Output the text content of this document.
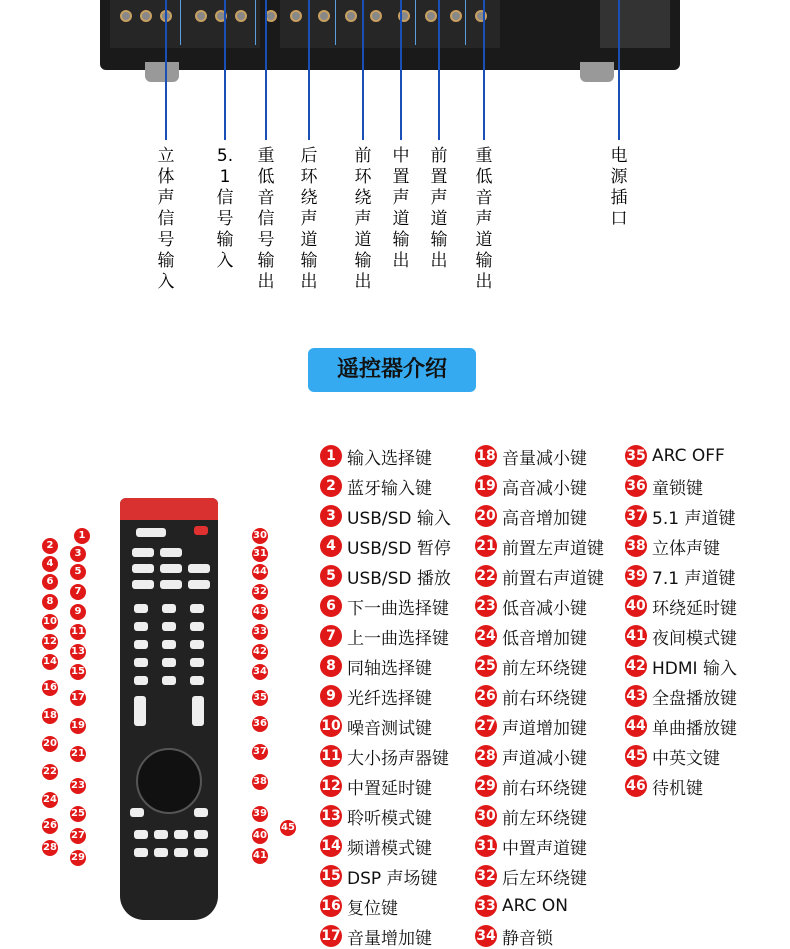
立体声信号输入
5.1信号输入
重低音信号输出
后环绕声道输出
前环绕声道输出
中置声道输出
前置声道输出
重低音声道输出
电源插口
遥控器介绍
1
2
3
4
5
6
7
8
9
10
11
12
13
14
15
16
17
18
19
20
21
22
23
24
25
26
27
28
29
30
31
44
32
43
33
42
34
35
36
37
38
39
40
45
41
1 输入选择键
2 蓝牙输入键
3 USB/SD 输入
4 USB/SD 暂停
5 USB/SD 播放
6 下一曲选择键
7 上一曲选择键
8 同轴选择键
9 光纤选择键
10 噪音测试键
11 大小扬声器键
12 中置延时键
13 聆听模式键
14 频谱模式键
15 DSP 声场键
16 复位键
17 音量增加键
18 音量减小键
19 高音减小键
20 高音增加键
21 前置左声道键
22 前置右声道键
23 低音减小键
24 低音增加键
25 前左环绕键
26 前右环绕键
27 声道增加键
28 声道减小键
29 前右环绕键
30 前左环绕键
31 中置声道键
32 后左环绕键
33 ARC ON
34 静音锁
35 ARC OFF
36 童锁键
37 5.1 声道键
38 立体声键
39 7.1 声道键
40 环绕延时键
41 夜间模式键
42 HDMI 输入
43 全盘播放键
44 单曲播放键
45 中英文键
46 待机键
